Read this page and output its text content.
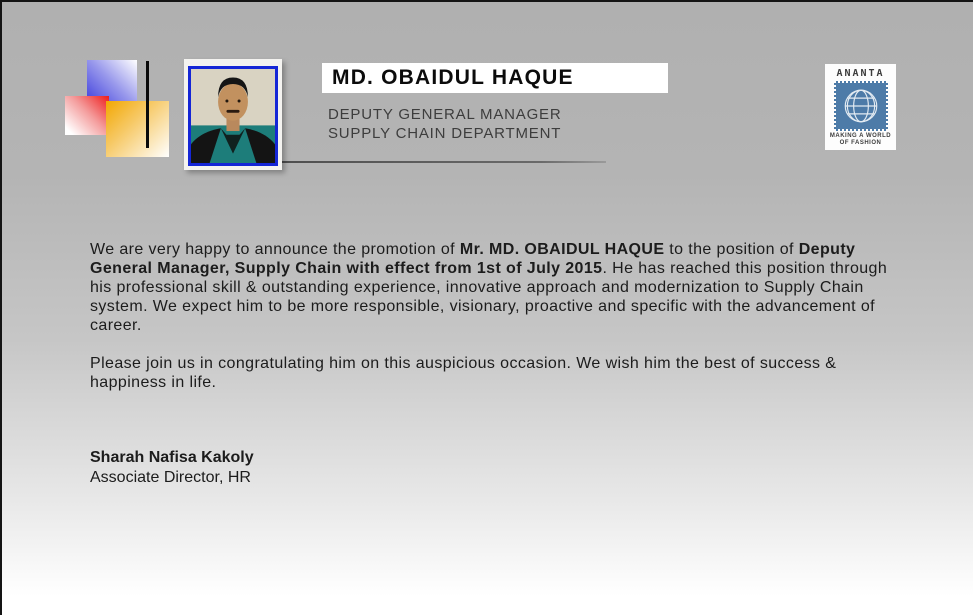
MD. OBAIDUL HAQUE
DEPUTY GENERAL MANAGER
SUPPLY CHAIN DEPARTMENT
ANANTA
MAKING A WORLD
OF FASHION

We are very happy to announce the promotion of Mr. MD. OBAIDUL HAQUE to the position of Deputy General Manager, Supply Chain with effect from 1st of July 2015. He has reached this position through his professional skill & outstanding experience, innovative approach and modernization to Supply Chain system. We expect him to be more responsible, visionary, proactive and specific with the advancement of career.

Please join us in congratulating him on this auspicious occasion. We wish him the best of success & happiness in life.

Sharah Nafisa Kakoly
Associate Director, HR
